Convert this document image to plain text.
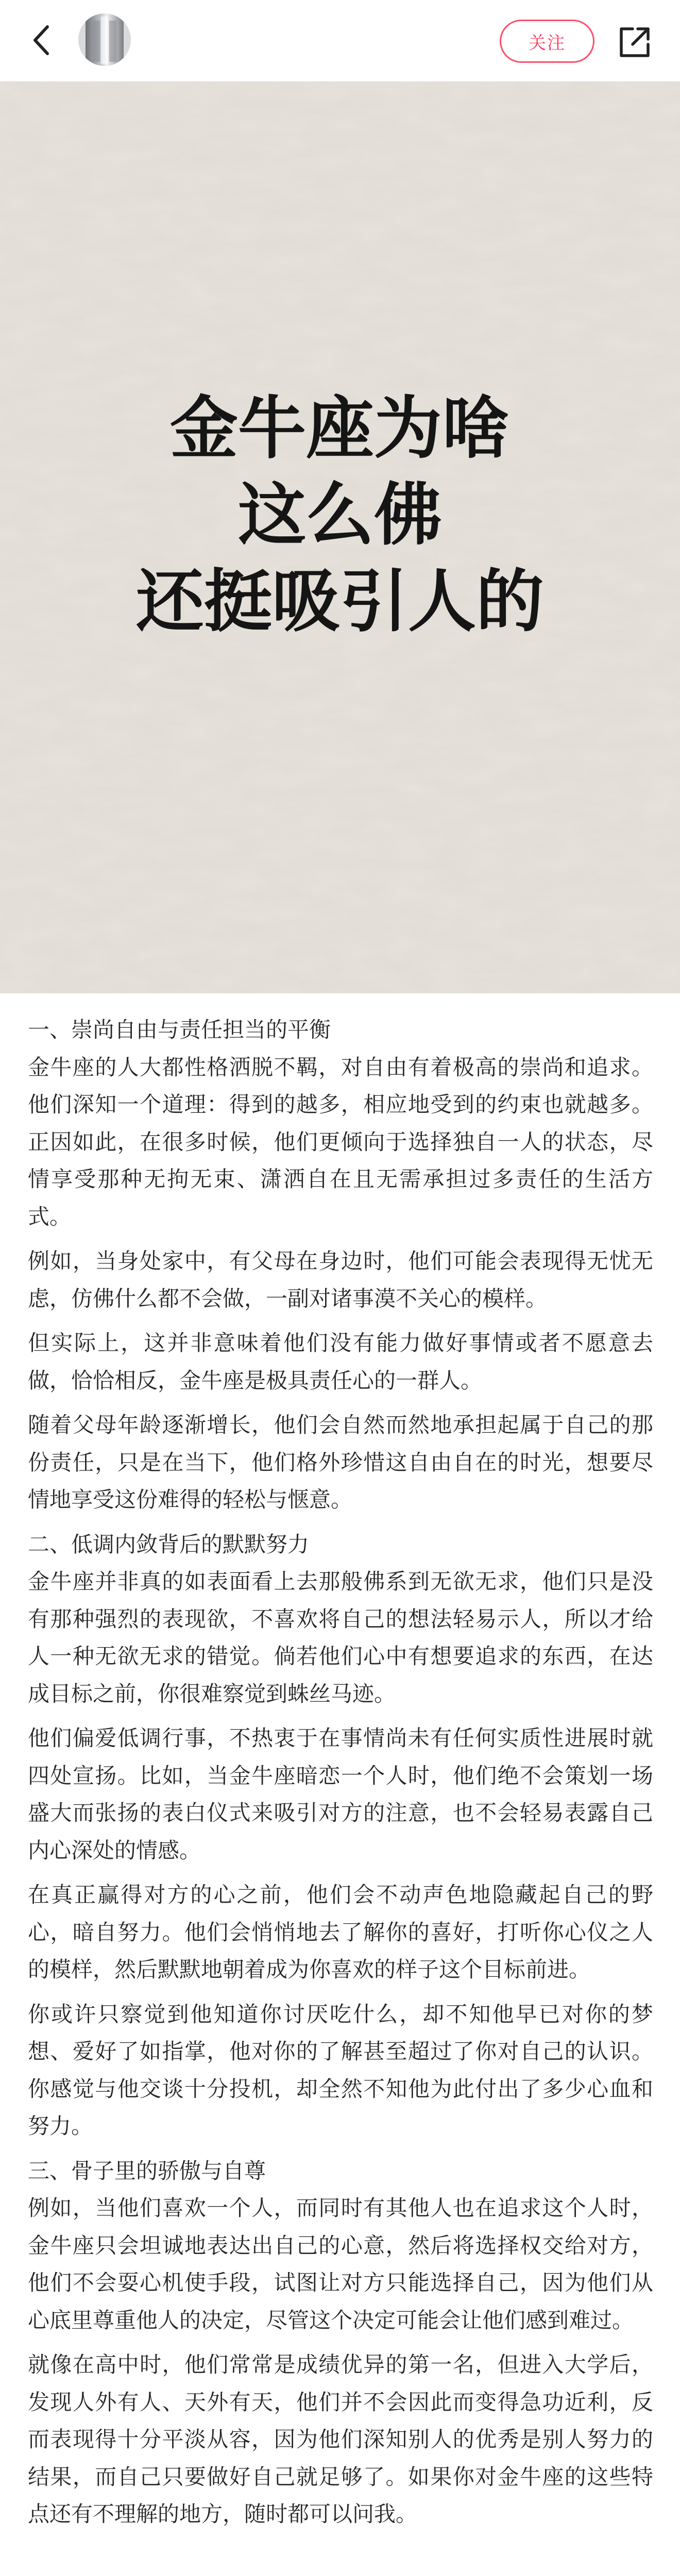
关注
金牛座为啥
这么佛
还挺吸引人的

一、崇尚自由与责任担当的平衡

金牛座的人大都性格洒脱不羁，对自由有着极高的崇尚和追求。他们深知一个道理：得到的越多，相应地受到的约束也就越多。正因如此，在很多时候，他们更倾向于选择独自一人的状态，尽情享受那种无拘无束、潇洒自在且无需承担过多责任的生活方式。

例如，当身处家中，有父母在身边时，他们可能会表现得无忧无虑，仿佛什么都不会做，一副对诸事漠不关心的模样。

但实际上，这并非意味着他们没有能力做好事情或者不愿意去做，恰恰相反，金牛座是极具责任心的一群人。

随着父母年龄逐渐增长，他们会自然而然地承担起属于自己的那份责任，只是在当下，他们格外珍惜这自由自在的时光，想要尽情地享受这份难得的轻松与惬意。

二、低调内敛背后的默默努力

金牛座并非真的如表面看上去那般佛系到无欲无求，他们只是没有那种强烈的表现欲，不喜欢将自己的想法轻易示人，所以才给人一种无欲无求的错觉。倘若他们心中有想要追求的东西，在达成目标之前，你很难察觉到蛛丝马迹。

他们偏爱低调行事，不热衷于在事情尚未有任何实质性进展时就四处宣扬。比如，当金牛座暗恋一个人时，他们绝不会策划一场盛大而张扬的表白仪式来吸引对方的注意，也不会轻易表露自己内心深处的情感。

在真正赢得对方的心之前，他们会不动声色地隐藏起自己的野心，暗自努力。他们会悄悄地去了解你的喜好，打听你心仪之人的模样，然后默默地朝着成为你喜欢的样子这个目标前进。

你或许只察觉到他知道你讨厌吃什么，却不知他早已对你的梦想、爱好了如指掌，他对你的了解甚至超过了你对自己的认识。你感觉与他交谈十分投机，却全然不知他为此付出了多少心血和努力。

三、骨子里的骄傲与自尊

例如，当他们喜欢一个人，而同时有其他人也在追求这个人时，金牛座只会坦诚地表达出自己的心意，然后将选择权交给对方，他们不会耍心机使手段，试图让对方只能选择自己，因为他们从心底里尊重他人的决定，尽管这个决定可能会让他们感到难过。

就像在高中时，他们常常是成绩优异的第一名，但进入大学后，发现人外有人、天外有天，他们并不会因此而变得急功近利，反而表现得十分平淡从容，因为他们深知别人的优秀是别人努力的结果，而自己只要做好自己就足够了。如果你对金牛座的这些特点还有不理解的地方，随时都可以问我。
